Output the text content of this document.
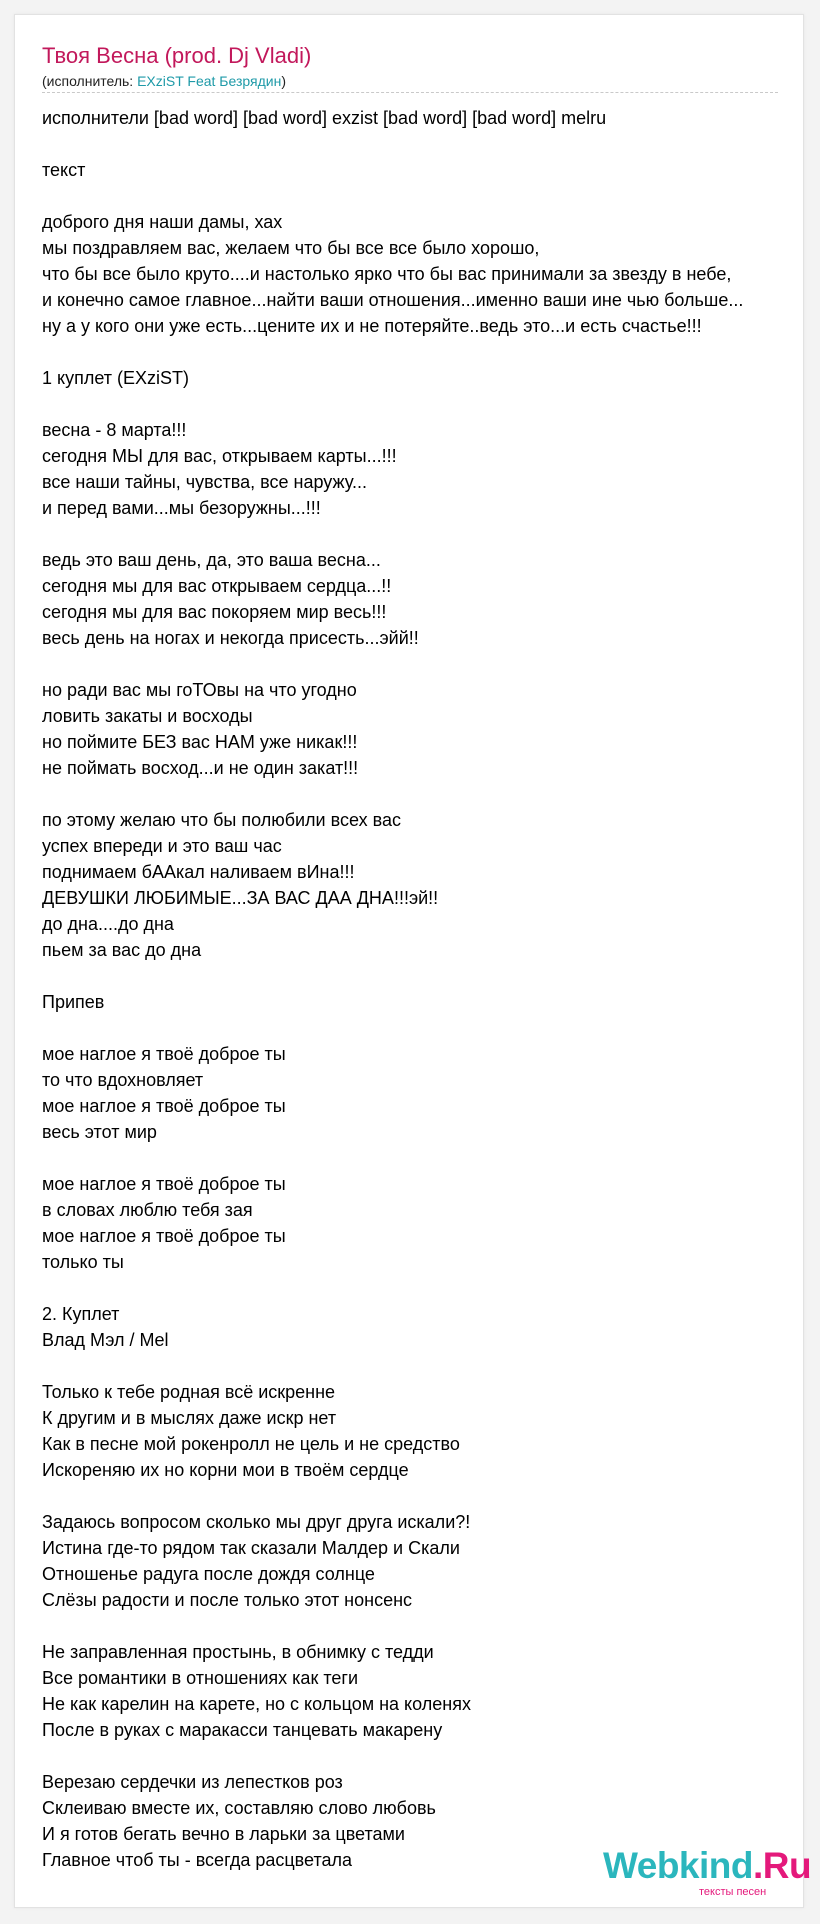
Твоя Весна (prod. Dj Vladi)
(исполнитель: EXziST Feat Безрядин)
исполнители [bad word] [bad word] exzist [bad word] [bad word] melru
текст
доброго дня наши дамы, хах
мы поздравляем вас, желаем что бы все все было хорошо,
что бы все было круто....и настолько ярко что бы вас принимали за звезду в небе,
и конечно самое главное...найти ваши отношения...именно ваши ине чью больше...
ну а у кого они уже есть...цените их и не потеряйте..ведь это...и есть счастье!!!
1 куплет (EXziST)
весна - 8 марта!!!
сегодня МЫ для вас, открываем карты...!!!
все наши тайны, чувства, все наружу...
и перед вами...мы безоружны...!!!
ведь это ваш день, да, это ваша весна...
сегодня мы для вас открываем сердца...!!
сегодня мы для вас покоряем мир весь!!!
весь день на ногах и некогда присесть...эйй!!
но ради вас мы гоТОвы на что угодно
ловить закаты и восходы
но поймите БЕЗ вас НАМ уже никак!!!
не поймать восход...и не один закат!!!
по этому желаю что бы полюбили всех вас
успех впереди и это ваш час
поднимаем бААкал наливаем вИна!!!
ДЕВУШКИ ЛЮБИМЫЕ...ЗА ВАС ДАА ДНА!!!эй!!
до дна....до дна
пьем за вас до дна
Припев
мое наглое я твоё доброе ты
то что вдохновляет
мое наглое я твоё доброе ты
весь этот мир
мое наглое я твоё доброе ты
в словах люблю тебя зая
мое наглое я твоё доброе ты
только ты
2. Куплет
Влад Мэл / Mel
Только к тебе родная всё искренне
К другим и в мыслях даже искр нет
Как в песне мой рокенролл не цель и не средство
Искореняю их но корни мои в твоём сердце
Задаюсь вопросом сколько мы друг друга искали?!
Истина где-то рядом так сказали Малдер и Скали
Отношенье радуга после дождя солнце
Слёзы радости и после только этот нонсенс
Не заправленная простынь, в обнимку с тедди
Все романтики в отношениях как теги
Не как карелин на карете, но с кольцом на коленях
После в руках с маракасси танцевать макарену
Верезаю сердечки из лепестков роз
Склеиваю вместе их, составляю слово любовь
И я готов бегать вечно в ларьки за цветами
Главное чтоб ты - всегда расцветала	Webkind.Ru
тексты песен
